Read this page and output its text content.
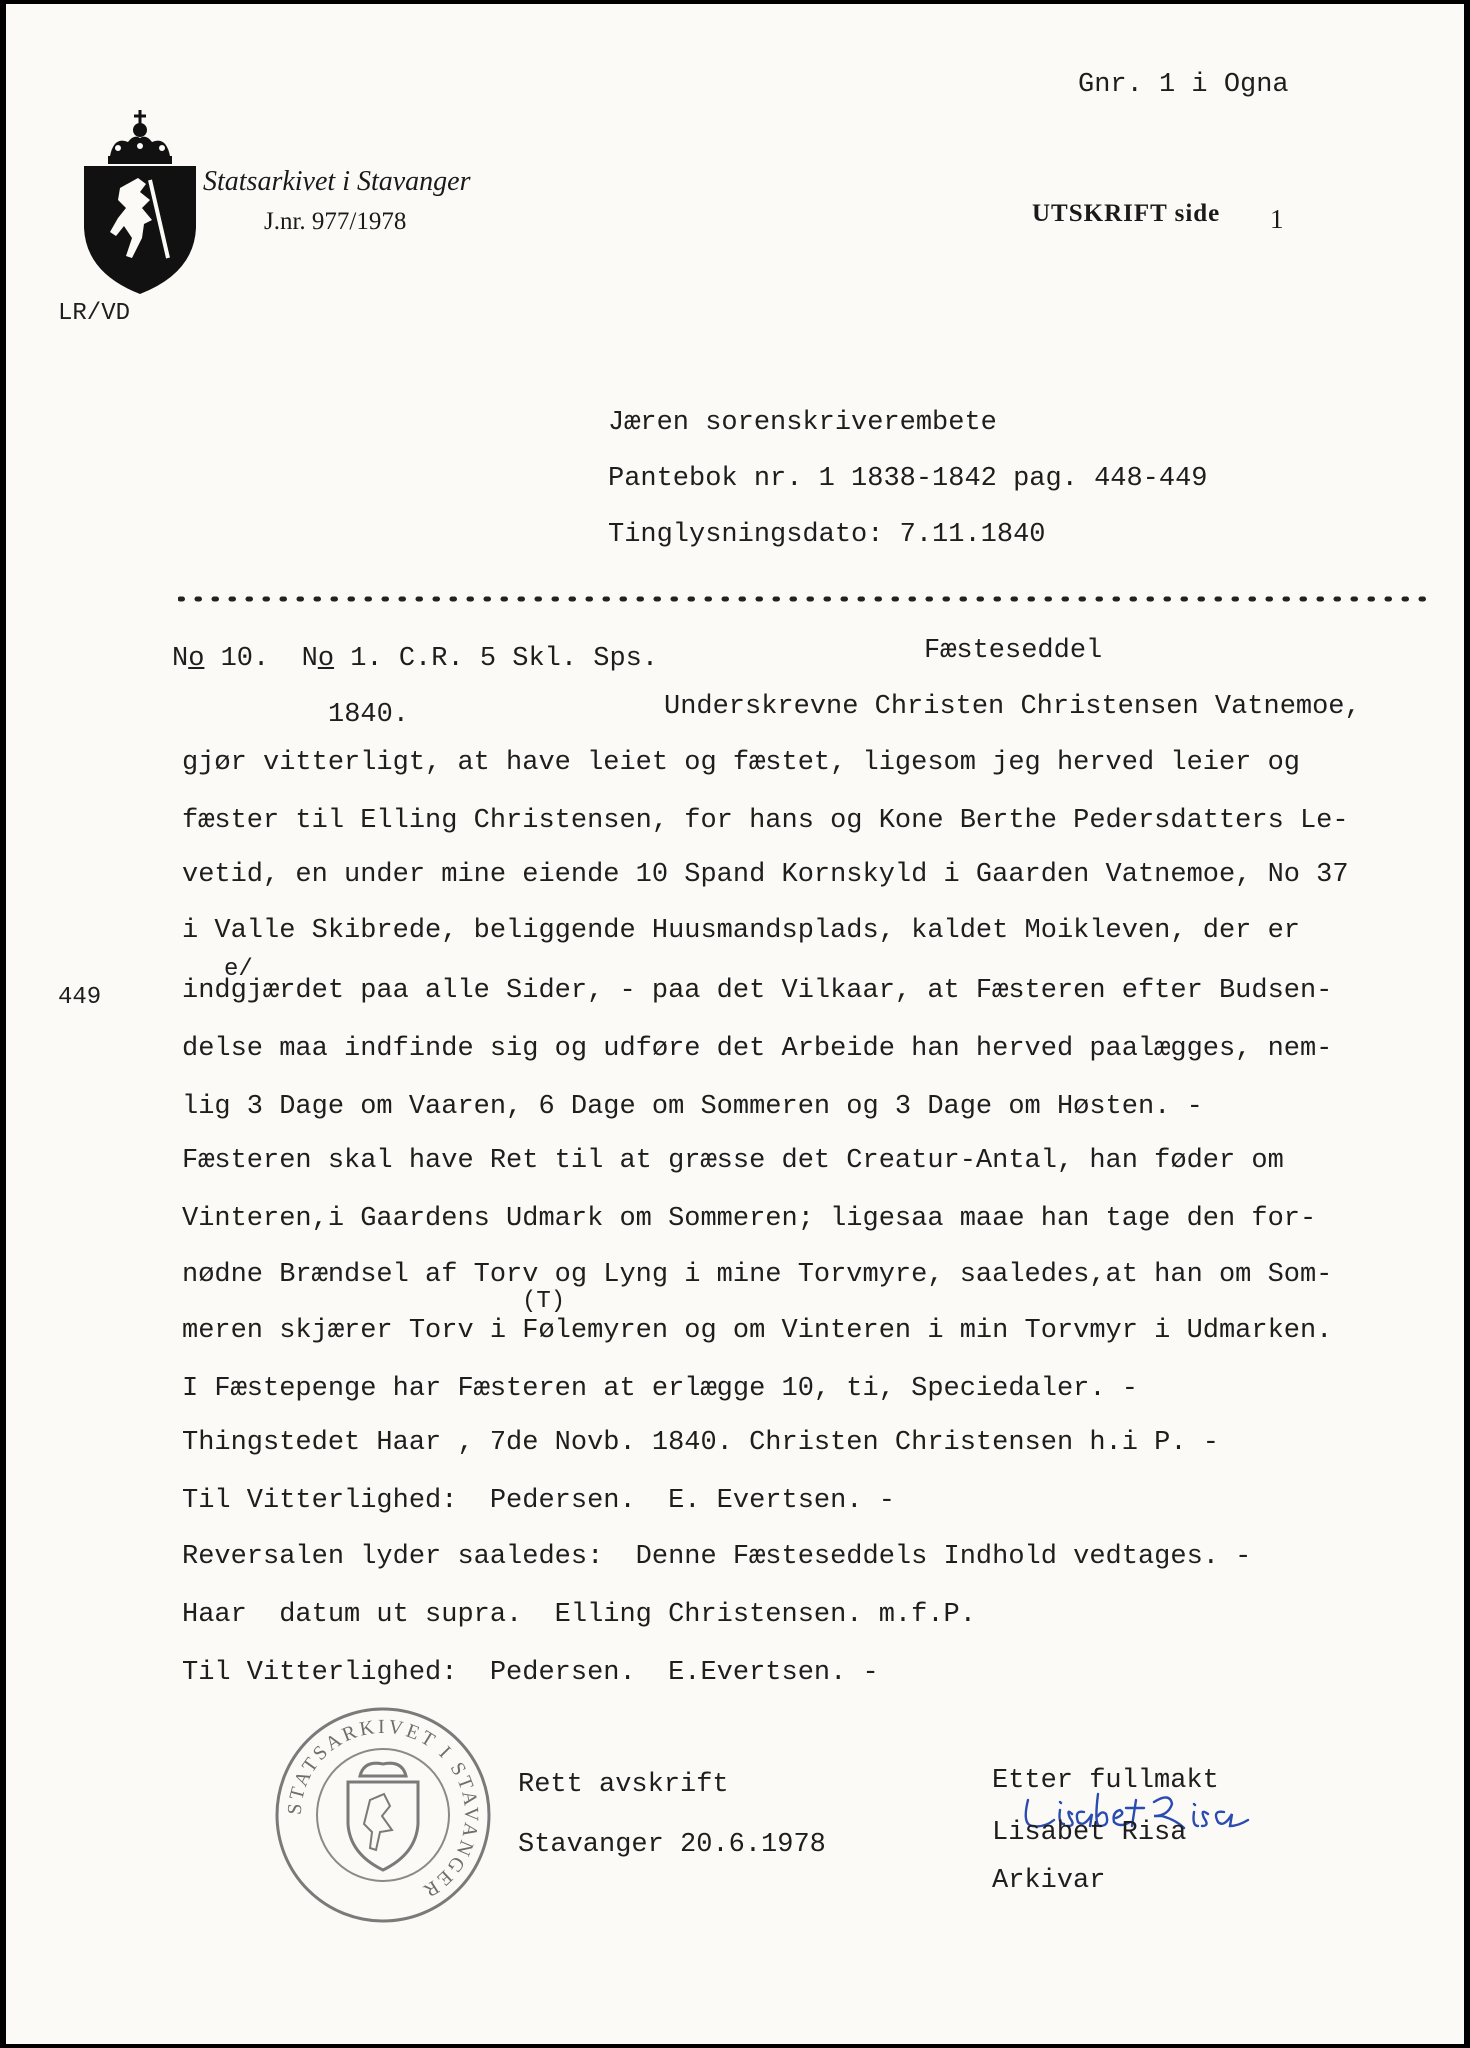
Statsarkivet i Stavanger
J.nr. 977/1978
LR/VD
Gnr. 1 i Ogna
UTSKRIFT side 1
Jæren sorenskriverembete
Pantebok nr. 1 1838-1842 pag. 448-449
Tinglysningsdato: 7.11.1840
No 10.  No 1. C.R. 5 Skl. Sps.	Fæsteseddel
1840.	Underskrevne Christen Christensen Vatnemoe,
gjør vitterligt, at have leiet og fæstet, ligesom jeg herved leier og
fæster til Elling Christensen, for hans og Kone Berthe Pedersdatters Le-
vetid, en under mine eiende 10 Spand Kornskyld i Gaarden Vatnemoe, No 37
i Valle Skibrede, beliggende Huusmandsplads, kaldet Moikleven, der er
e/
449	indgjærdet paa alle Sider, - paa det Vilkaar, at Fæsteren efter Budsen-
delse maa indfinde sig og udføre det Arbeide han herved paalægges, nem-
lig 3 Dage om Vaaren, 6 Dage om Sommeren og 3 Dage om Høsten. -
Fæsteren skal have Ret til at græsse det Creatur-Antal, han føder om
Vinteren,i Gaardens Udmark om Sommeren; ligesaa maae han tage den for-
nødne Brændsel af Torv og Lyng i mine Torvmyre, saaledes,at han om Som-
(T)
meren skjærer Torv i Følemyren og om Vinteren i min Torvmyr i Udmarken.
I Fæstepenge har Fæsteren at erlægge 10, ti, Speciedaler. -
Thingstedet Haar , 7de Novb. 1840. Christen Christensen h.i P. -
Til Vitterlighed:  Pedersen.  E. Evertsen. -
Reversalen lyder saaledes:  Denne Fæsteseddels Indhold vedtages. -
Haar  datum ut supra.  Elling Christensen. m.f.P.
Til Vitterlighed:  Pedersen.  E.Evertsen. -
STATSARKIVET I STAVANGER
Rett avskrift
Stavanger 20.6.1978
Etter fullmakt
Lisabet Risa
Arkivar
